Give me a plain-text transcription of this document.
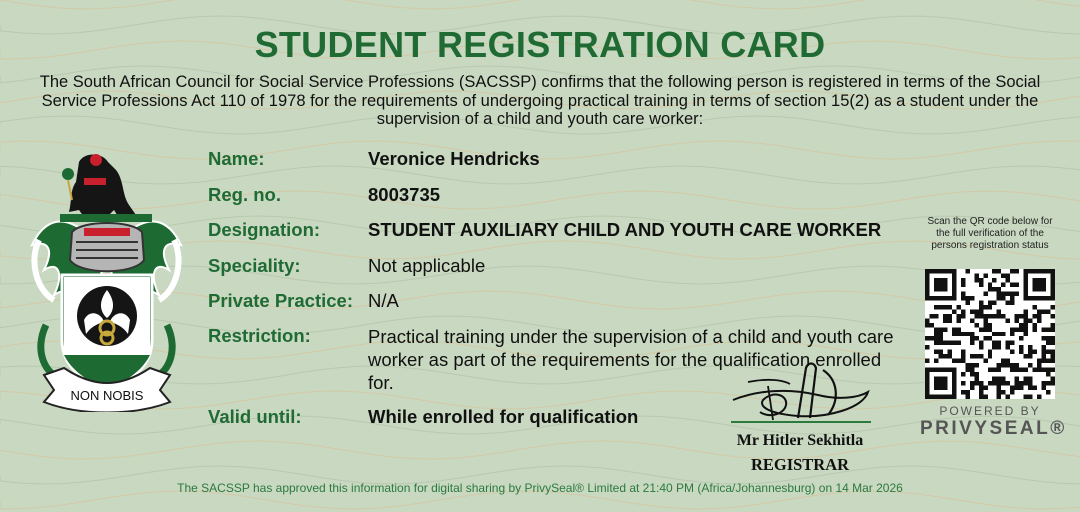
STUDENT REGISTRATION CARD
The South African Council for Social Service Professions (SACSSP) confirms that the following person is registered in terms of the Social Service Professions Act 110 of 1978 for the requirements of undergoing practical training in terms of section 15(2) as a student under the supervision of a child and youth care worker:
NON NOBIS
Name:	Veronice Hendricks
Reg. no.	8003735
Designation:	STUDENT AUXILIARY CHILD AND YOUTH CARE WORKER
Speciality:	Not applicable
Private Practice: N/A
Restriction:	Practical training under the supervision of a child and youth care worker as part of the requirements for the qualification enrolled for.
Valid until:	While enrolled for qualification
Mr Hitler Sekhitla
REGISTRAR
Scan the QR code below for the full verification of the persons registration status
POWERED BY
PRIVYSEAL®
The SACSSP has approved this information for digital sharing by PrivySeal® Limited at 21:40 PM (Africa/Johannesburg) on 14 Mar 2026
